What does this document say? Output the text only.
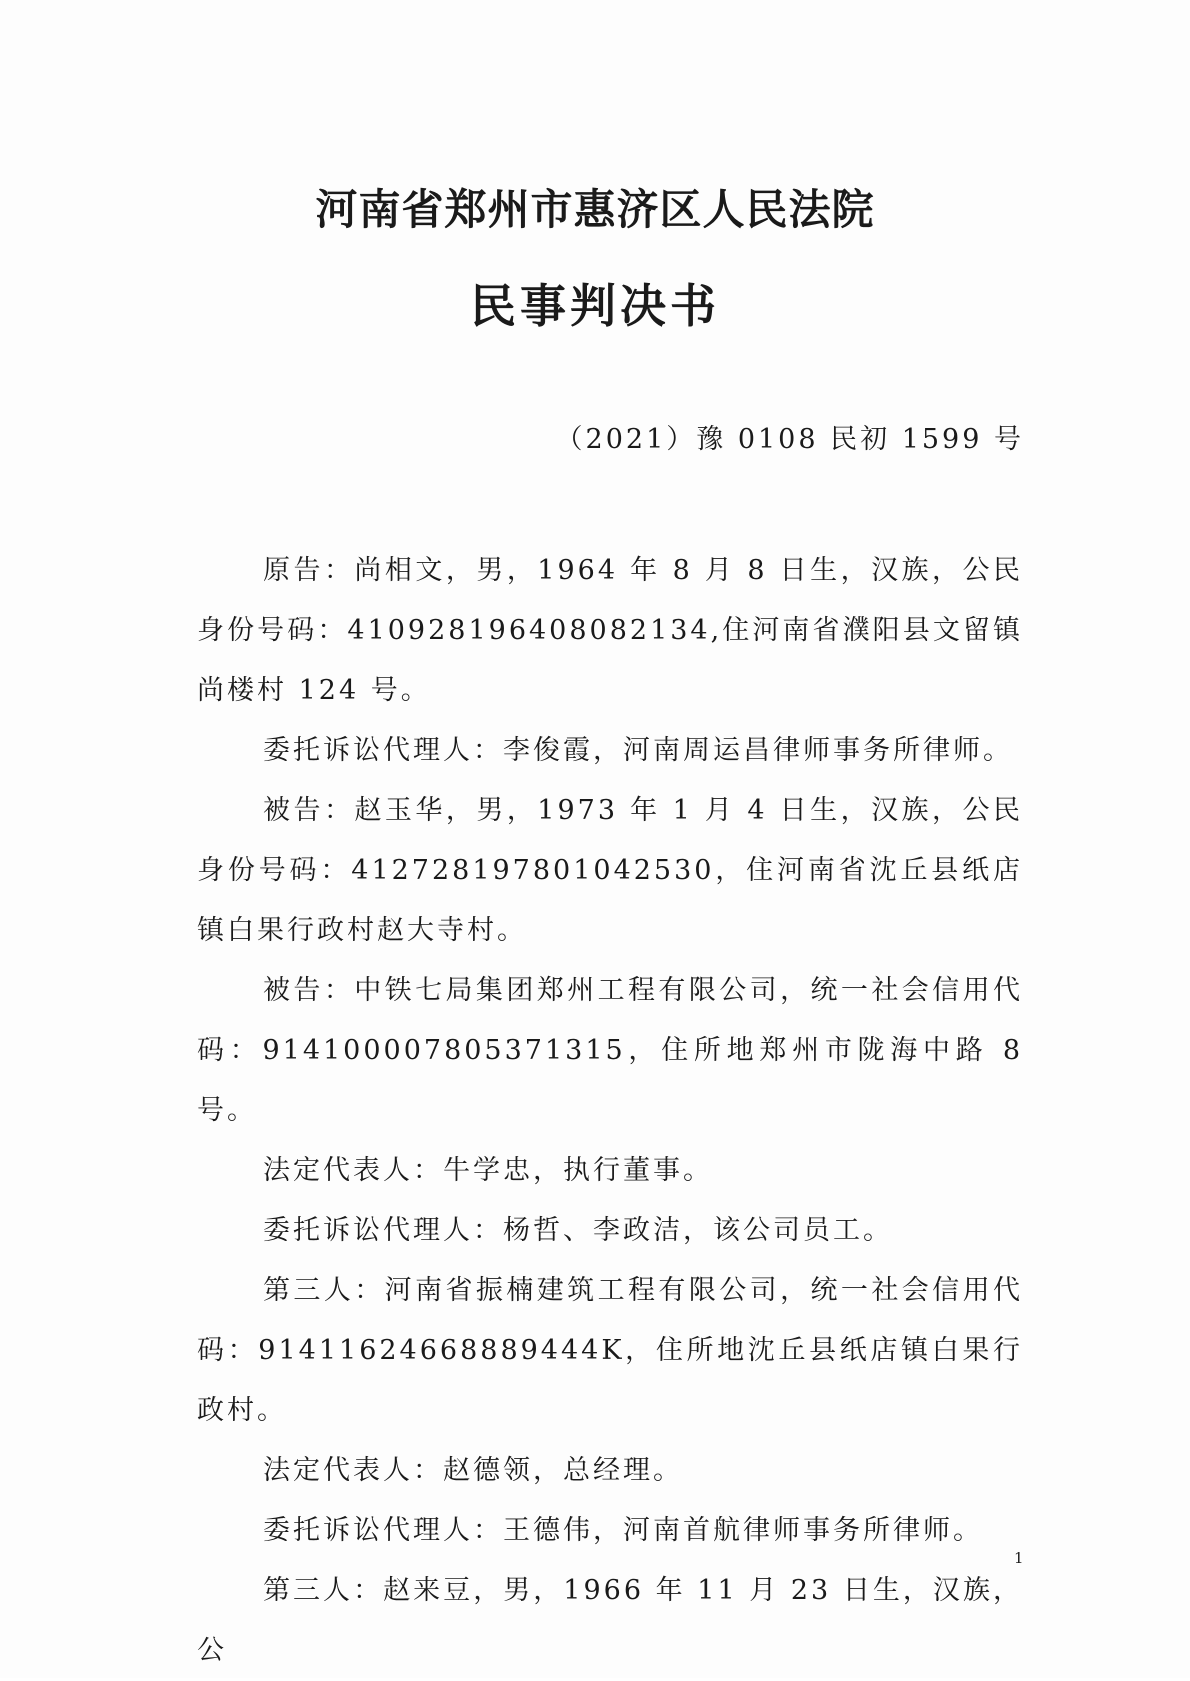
河南省郑州市惠济区人民法院
民事判决书
（2021）豫 0108 民初 1599 号

原告：尚相文，男，1964 年 8 月 8 日生，汉族，公民身份号码：410928196408082134,住河南省濮阳县文留镇尚楼村 124 号。

委托诉讼代理人：李俊霞，河南周运昌律师事务所律师。

被告：赵玉华，男，1973 年 1 月 4 日生，汉族，公民身份号码：412728197801042530，住河南省沈丘县纸店镇白果行政村赵大寺村。

被告：中铁七局集团郑州工程有限公司，统一社会信用代码：914100007805371315，住所地郑州市陇海中路 8 号。

法定代表人：牛学忠，执行董事。

委托诉讼代理人：杨哲、李政洁，该公司员工。

第三人：河南省振楠建筑工程有限公司，统一社会信用代码：91411624668889444K，住所地沈丘县纸店镇白果行政村。

法定代表人：赵德领，总经理。

委托诉讼代理人：王德伟，河南首航律师事务所律师。

第三人：赵来豆，男，1966 年 11 月 23 日生，汉族，公

1
